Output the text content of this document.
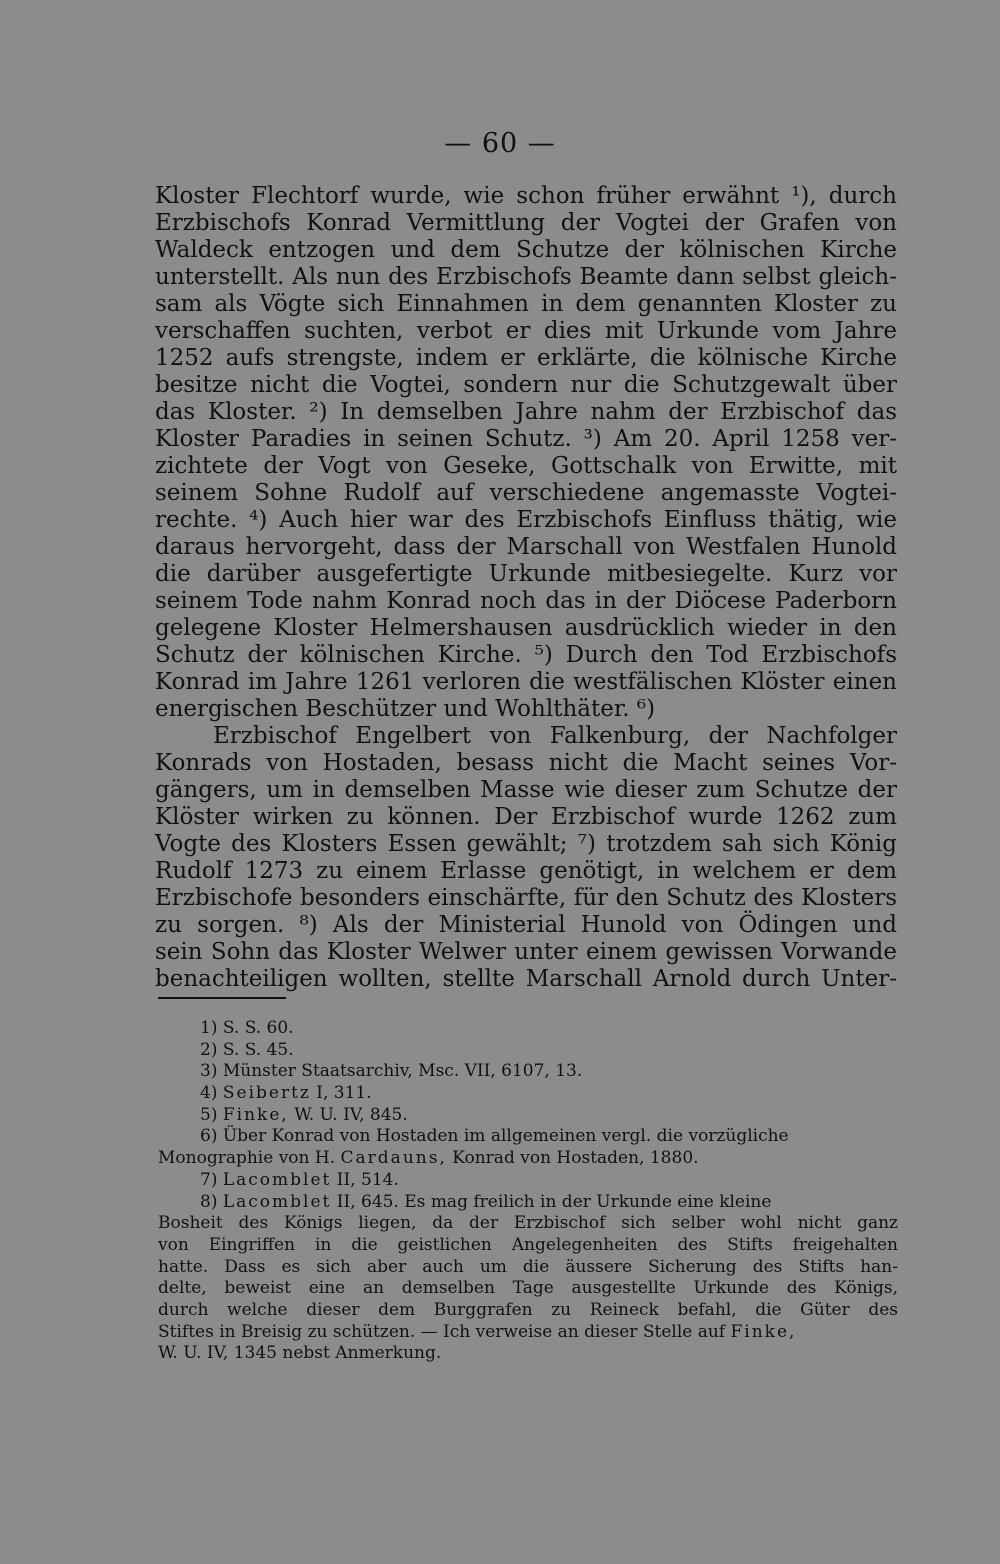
— 60 —
Kloster Flechtorf wurde, wie schon früher erwähnt ¹), durch
Erzbischofs Konrad Vermittlung der Vogtei der Grafen von
Waldeck entzogen und dem Schutze der kölnischen Kirche
unterstellt. Als nun des Erzbischofs Beamte dann selbst gleich-
sam als Vögte sich Einnahmen in dem genannten Kloster zu
verschaffen suchten, verbot er dies mit Urkunde vom Jahre
1252 aufs strengste, indem er erklärte, die kölnische Kirche
besitze nicht die Vogtei, sondern nur die Schutzgewalt über
das Kloster. ²) In demselben Jahre nahm der Erzbischof das
Kloster Paradies in seinen Schutz. ³) Am 20. April 1258 ver-
zichtete der Vogt von Geseke, Gottschalk von Erwitte, mit
seinem Sohne Rudolf auf verschiedene angemasste Vogtei-
rechte. ⁴) Auch hier war des Erzbischofs Einfluss thätig, wie
daraus hervorgeht, dass der Marschall von Westfalen Hunold
die darüber ausgefertigte Urkunde mitbesiegelte. Kurz vor
seinem Tode nahm Konrad noch das in der Diöcese Paderborn
gelegene Kloster Helmershausen ausdrücklich wieder in den
Schutz der kölnischen Kirche. ⁵) Durch den Tod Erzbischofs
Konrad im Jahre 1261 verloren die westfälischen Klöster einen
energischen Beschützer und Wohlthäter. ⁶)
Erzbischof Engelbert von Falkenburg, der Nachfolger
Konrads von Hostaden, besass nicht die Macht seines Vor-
gängers, um in demselben Masse wie dieser zum Schutze der
Klöster wirken zu können. Der Erzbischof wurde 1262 zum
Vogte des Klosters Essen gewählt; ⁷) trotzdem sah sich König
Rudolf 1273 zu einem Erlasse genötigt, in welchem er dem
Erzbischofe besonders einschärfte, für den Schutz des Klosters
zu sorgen. ⁸) Als der Ministerial Hunold von Ödingen und
sein Sohn das Kloster Welwer unter einem gewissen Vorwande
benachteiligen wollten, stellte Marschall Arnold durch Unter-
1) S. S. 60.
2) S. S. 45.
3) Münster Staatsarchiv, Msc. VII, 6107, 13.
4) Seibertz I, 311.
5) Finke, W. U. IV, 845.
6) Über Konrad von Hostaden im allgemeinen vergl. die vorzügliche
Monographie von H. Cardauns, Konrad von Hostaden, 1880.
7) Lacomblet II, 514.
8) Lacomblet II, 645. Es mag freilich in der Urkunde eine kleine
Bosheit des Königs liegen, da der Erzbischof sich selber wohl nicht ganz
von Eingriffen in die geistlichen Angelegenheiten des Stifts freigehalten
hatte. Dass es sich aber auch um die äussere Sicherung des Stifts han-
delte, beweist eine an demselben Tage ausgestellte Urkunde des Königs,
durch welche dieser dem Burggrafen zu Reineck befahl, die Güter des
Stiftes in Breisig zu schützen. — Ich verweise an dieser Stelle auf Finke,
W. U. IV, 1345 nebst Anmerkung.
